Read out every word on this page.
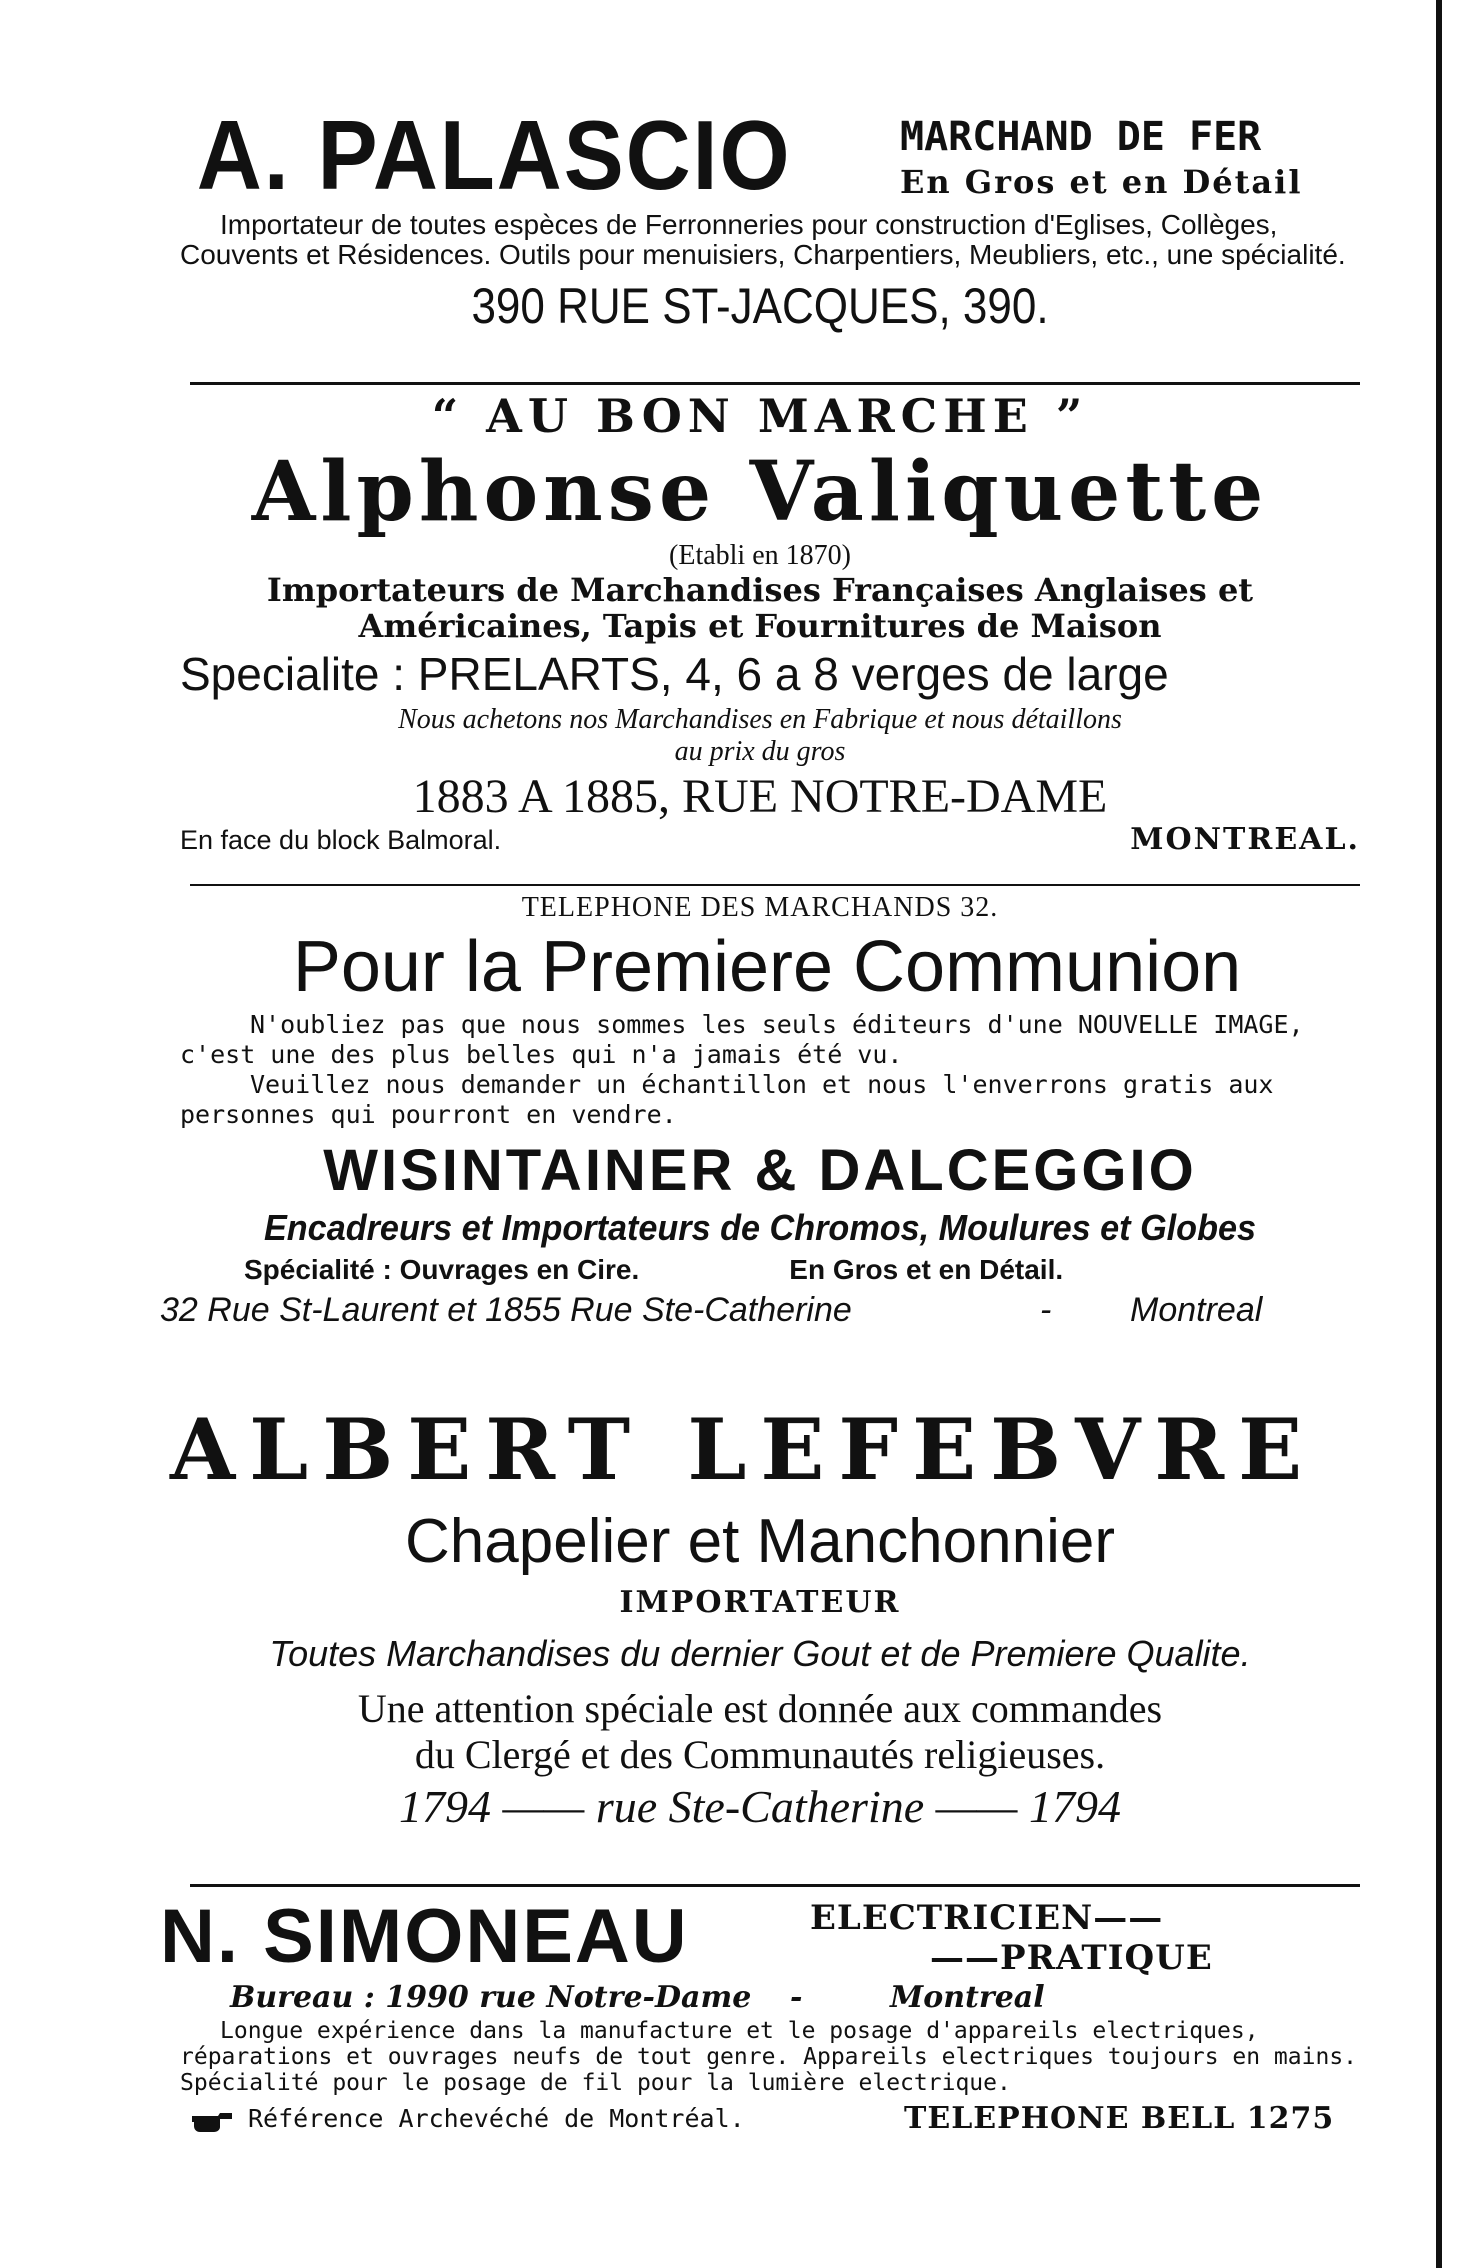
A. PALASCIO	MARCHAND DE FER
En Gros et en Détail
Importateur de toutes espèces de Ferronneries pour construction d'Eglises, Collèges, Couvents et Résidences. Outils pour menuisiers, Charpentiers, Meubliers, etc., une spécialité.
390 RUE ST-JACQUES, 390.
“ AU BON MARCHE ”
Alphonse Valiquette
(Etabli en 1870)
Importateurs de Marchandises Françaises Anglaises et
Américaines, Tapis et Fournitures de Maison
Specialite : PRELARTS, 4, 6 a 8 verges de large
Nous achetons nos Marchandises en Fabrique et nous détaillons
au prix du gros
1883 A 1885, RUE NOTRE-DAME
En face du block Balmoral.	MONTREAL.
TELEPHONE DES MARCHANDS 32.
Pour la Premiere Communion
N'oubliez pas que nous sommes les seuls éditeurs d'une NOUVELLE IMAGE, c'est une des plus belles qui n'a jamais été vu.
Veuillez nous demander un échantillon et nous l'enverrons gratis aux personnes qui pourront en vendre.
WISINTAINER & DALCEGGIO
Encadreurs et Importateurs de Chromos, Moulures et Globes
Spécialité : Ouvrages en Cire.	En Gros et en Détail.
32 Rue St-Laurent et 1855 Rue Ste-Catherine	-	Montreal
ALBERT LEFEBVRE
Chapelier et Manchonnier
IMPORTATEUR
Toutes Marchandises du dernier Gout et de Premiere Qualite.
Une attention spéciale est donnée aux commandes
du Clergé et des Communautés religieuses.
1794 —— rue Ste-Catherine —— 1794
N. SIMONEAU	ELECTRICIEN——
——PRATIQUE
Bureau : 1990 rue Notre-Dame	-	Montreal
Longue expérience dans la manufacture et le posage d'appareils electriques, réparations et ouvrages neufs de tout genre. Appareils electriques toujours en mains. Spécialité pour le posage de fil pour la lumière electrique.
Référence Archevéché de Montréal.	TELEPHONE BELL 1275
